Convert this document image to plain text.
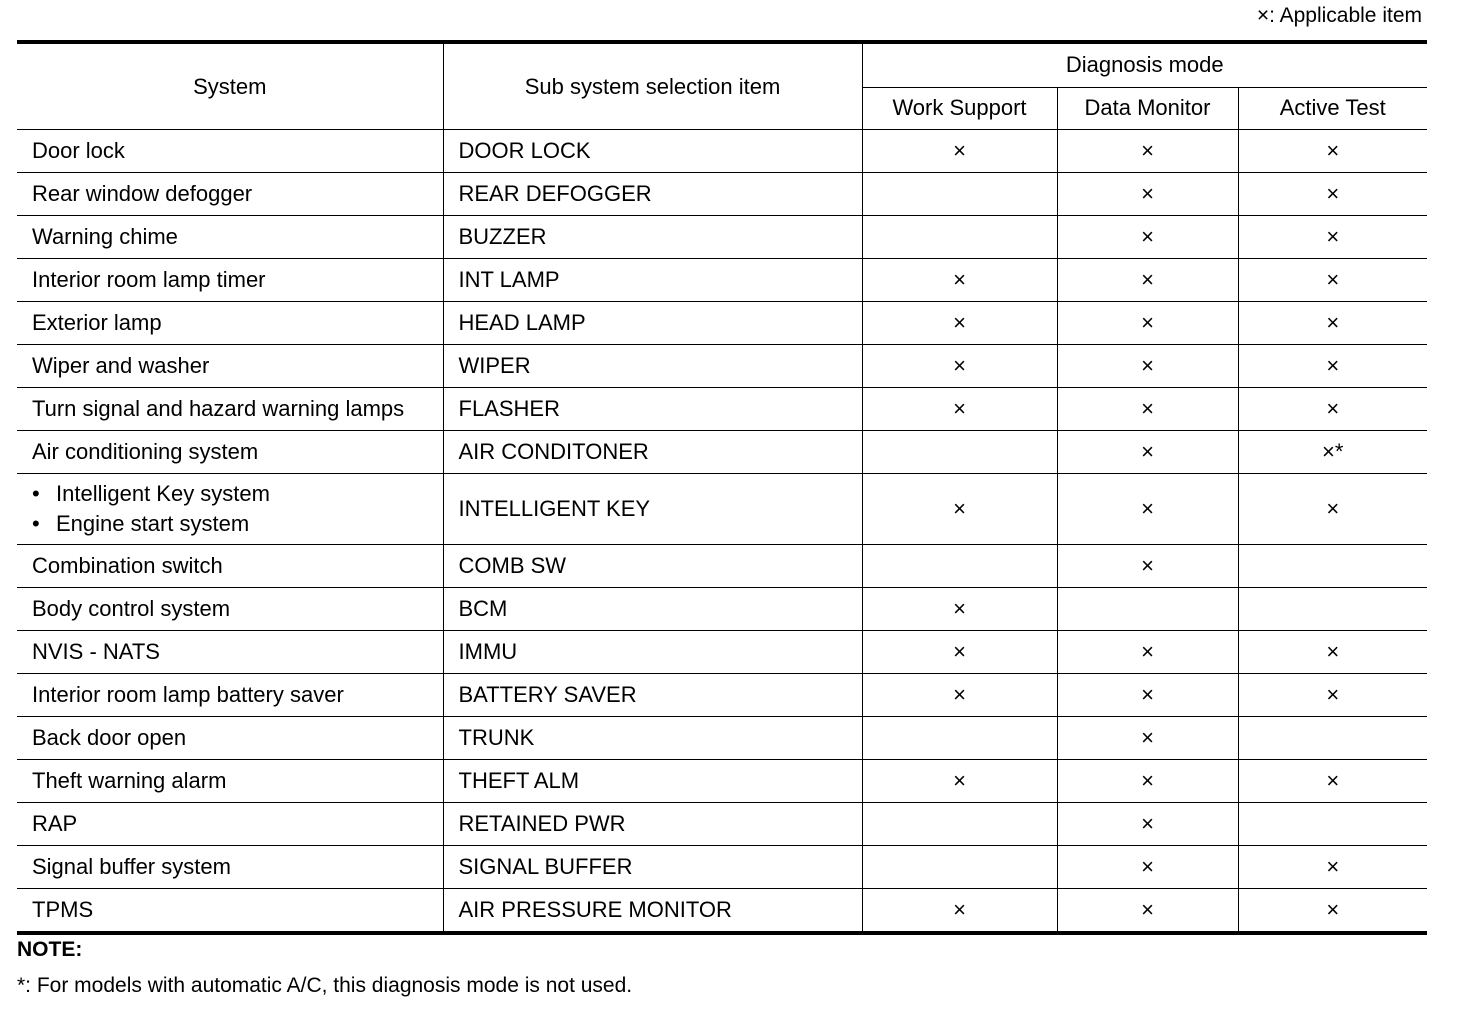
×: Applicable item
System	Sub system selection item	Diagnosis mode		
		Work Support	Data Monitor	Active Test
Door lock	DOOR LOCK	×	×	×
Rear window defogger	REAR DEFOGGER		×	×
Warning chime	BUZZER		×	×
Interior room lamp timer	INT LAMP	×	×	×
Exterior lamp	HEAD LAMP	×	×	×
Wiper and washer	WIPER	×	×	×
Turn signal and hazard warning lamps	FLASHER	×	×	×
Air conditioning system	AIR CONDITONER		×	×*

• Intelligent Key system
• Engine start system	INTELLIGENT KEY	×	×	×
Combination switch	COMB SW		×	
Body control system	BCM	×		
NVIS - NATS	IMMU	×	×	×
Interior room lamp battery saver	BATTERY SAVER	×	×	×
Back door open	TRUNK		×	
Theft warning alarm	THEFT ALM	×	×	×
RAP	RETAINED PWR		×	
Signal buffer system	SIGNAL BUFFER		×	×
TPMS	AIR PRESSURE MONITOR	×	×	×
NOTE:
*: For models with automatic A/C, this diagnosis mode is not used.
